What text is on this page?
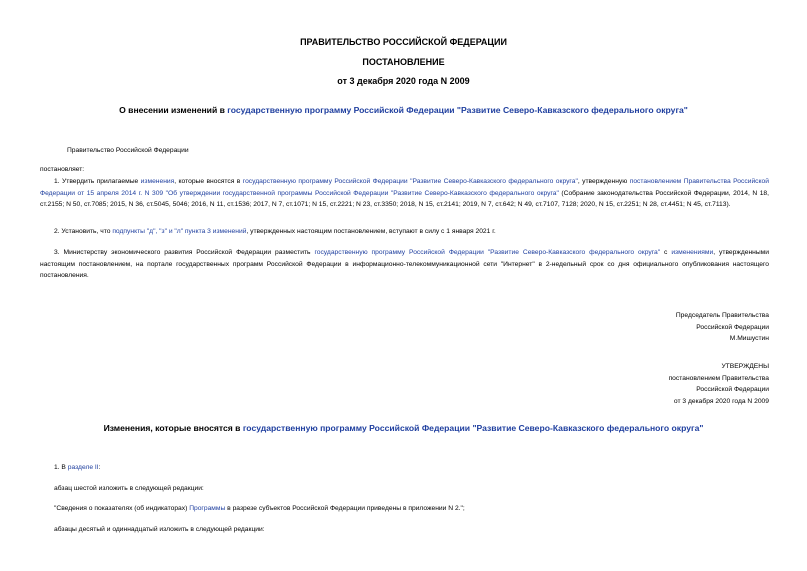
ПРАВИТЕЛЬСТВО РОССИЙСКОЙ ФЕДЕРАЦИИ
ПОСТАНОВЛЕНИЕ
от 3 декабря 2020 года N 2009
О внесении изменений в государственную программу Российской Федерации "Развитие Северо-Кавказского федерального округа"
Правительство Российской Федерации
постановляет:
1. Утвердить прилагаемые изменения, которые вносятся в государственную программу Российской Федерации "Развитие Северо-Кавказского федерального округа", утвержденную постановлением Правительства Российской Федерации от 15 апреля 2014 г. N 309 "Об утверждении государственной программы Российской Федерации "Развитие Северо-Кавказского федерального округа" (Собрание законодательства Российской Федерации, 2014, N 18, ст.2155; N 50, ст.7085; 2015, N 36, ст.5045, 5046; 2016, N 11, ст.1536; 2017, N 7, ст.1071; N 15, ст.2221; N 23, ст.3350; 2018, N 15, ст.2141; 2019, N 7, ст.642; N 49, ст.7107, 7128; 2020, N 15, ст.2251; N 28, ст.4451; N 45, ст.7113).
2. Установить, что подпункты "д", "з" и "л" пункта 3 изменений, утвержденных настоящим постановлением, вступают в силу с 1 января 2021 г.
3. Министерству экономического развития Российской Федерации разместить государственную программу Российской Федерации "Развитие Северо-Кавказского федерального округа" с изменениями, утвержденными настоящим постановлением, на портале государственных программ Российской Федерации в информационно-телекоммуникационной сети "Интернет" в 2-недельный срок со дня официального опубликования настоящего постановления.
Председатель Правительства
Российской Федерации
М.Мишустин
УТВЕРЖДЕНЫ
постановлением Правительства
Российской Федерации
от 3 декабря 2020 года N 2009
Изменения, которые вносятся в государственную программу Российской Федерации "Развитие Северо-Кавказского федерального округа"
1. В разделе II:
абзац шестой изложить в следующей редакции:
"Сведения о показателях (об индикаторах) Программы в разрезе субъектов Российской Федерации приведены в приложении N 2.";
абзацы десятый и одиннадцатый изложить в следующей редакции:
